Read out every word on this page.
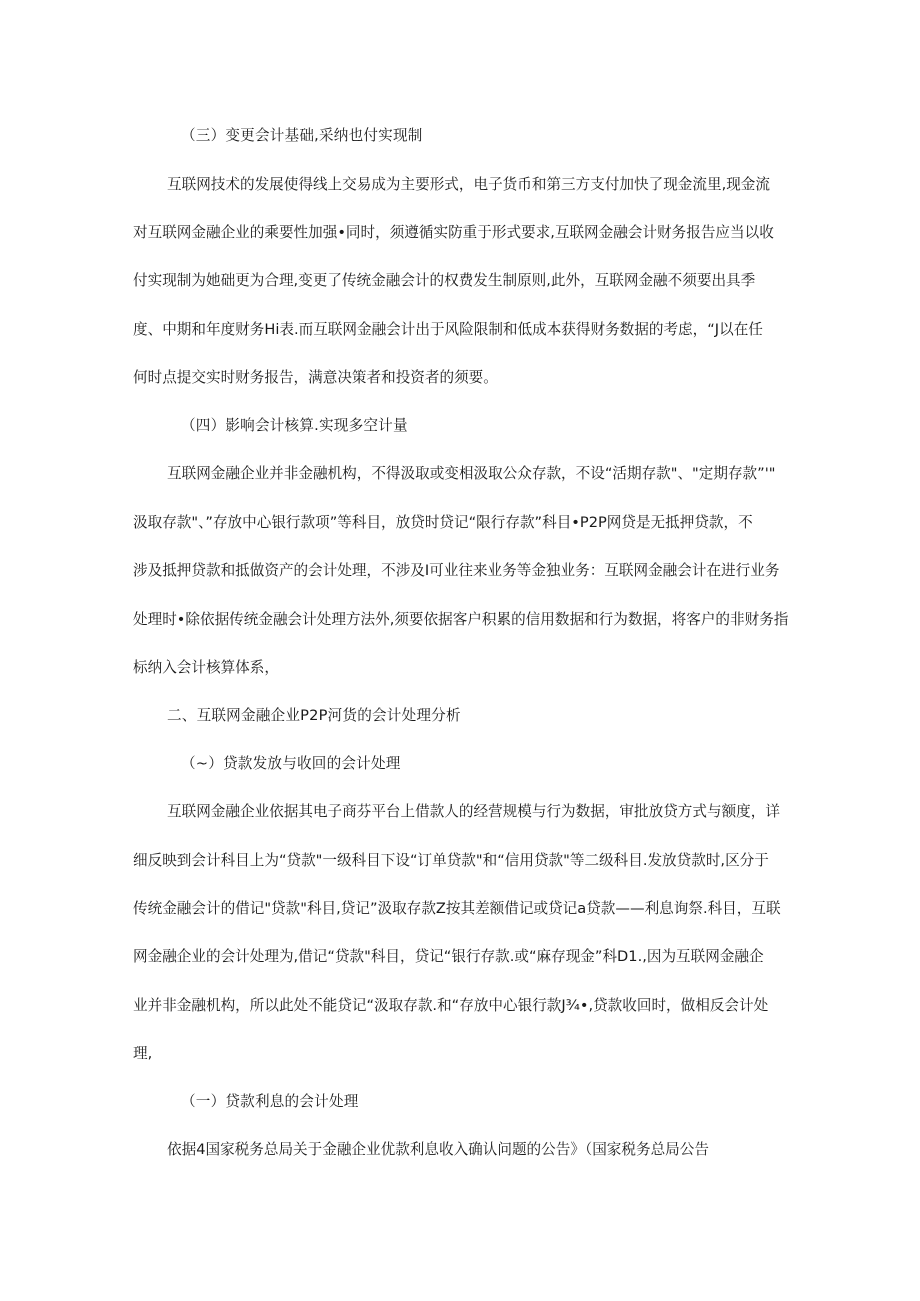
（三）变更会计基础,采纳也付实现制
互联网技术的发展使得线上交易成为主要形式，电子货币和第三方支付加快了现金流里,现金流
对互联网金融企业的乘要性加强•同时，须遵循实防重于形式要求,互联网金融会计财务报告应当以收
付实现制为她础更为合理,变更了传统金融会计的权费发生制原则,此外，互联网金融不须要出具季
度、中期和年度财务Hi表.而互联网金融会计出于风险限制和低成本获得财务数据的考虑，“J以在任
何时点提交实时财务报告，满意决策者和投资者的须要。
（四）影响会计核算.实现多空计量
互联网金融企业并非金融机构，不得汲取或变相汲取公众存款，不设“活期存款"、"定期存款”'"
汲取存款"、”存放中心银行款项”等科目，放贷时贷记“限行存款”科目•P2P网贷是无抵押贷款，不
涉及抵押贷款和抵做资产的会计处理，不涉及I可业往来业务等金独业务：互联网金融会计在进行业务
处理时•除依据传统金融会计处理方法外,须要依据客户积累的信用数据和行为数据，将客户的非财务指
标纳入会计核算体系，
二、互联网金融企业P2P河货的会计处理分析
（~）贷款发放与收回的会计处理
互联网金融企业依据其电子商芬平台上借款人的经营规模与行为数据，审批放贷方式与额度，详
细反映到会计科目上为“贷款"一级科目下设“订单贷款"和“信用贷款"等二级科目.发放贷款时,区分于
传统金融会计的借记"贷款"科目,贷记”汲取存款Z按其差额借记或贷记a贷款——利息询祭.科目，互联
网金融企业的会计处理为,借记“贷款"科目，贷记“银行存款.或“麻存现金”科D1.,因为互联网金融企
业并非金融机构，所以此处不能贷记“汲取存款.和“存放中心银行款J¾•,贷款收回时，做相反会计处
理,
（一）贷款利息的会计处理
依据4国家税务总局关于金融企业优款利息收入确认问题的公告》（国家税务总局公告
